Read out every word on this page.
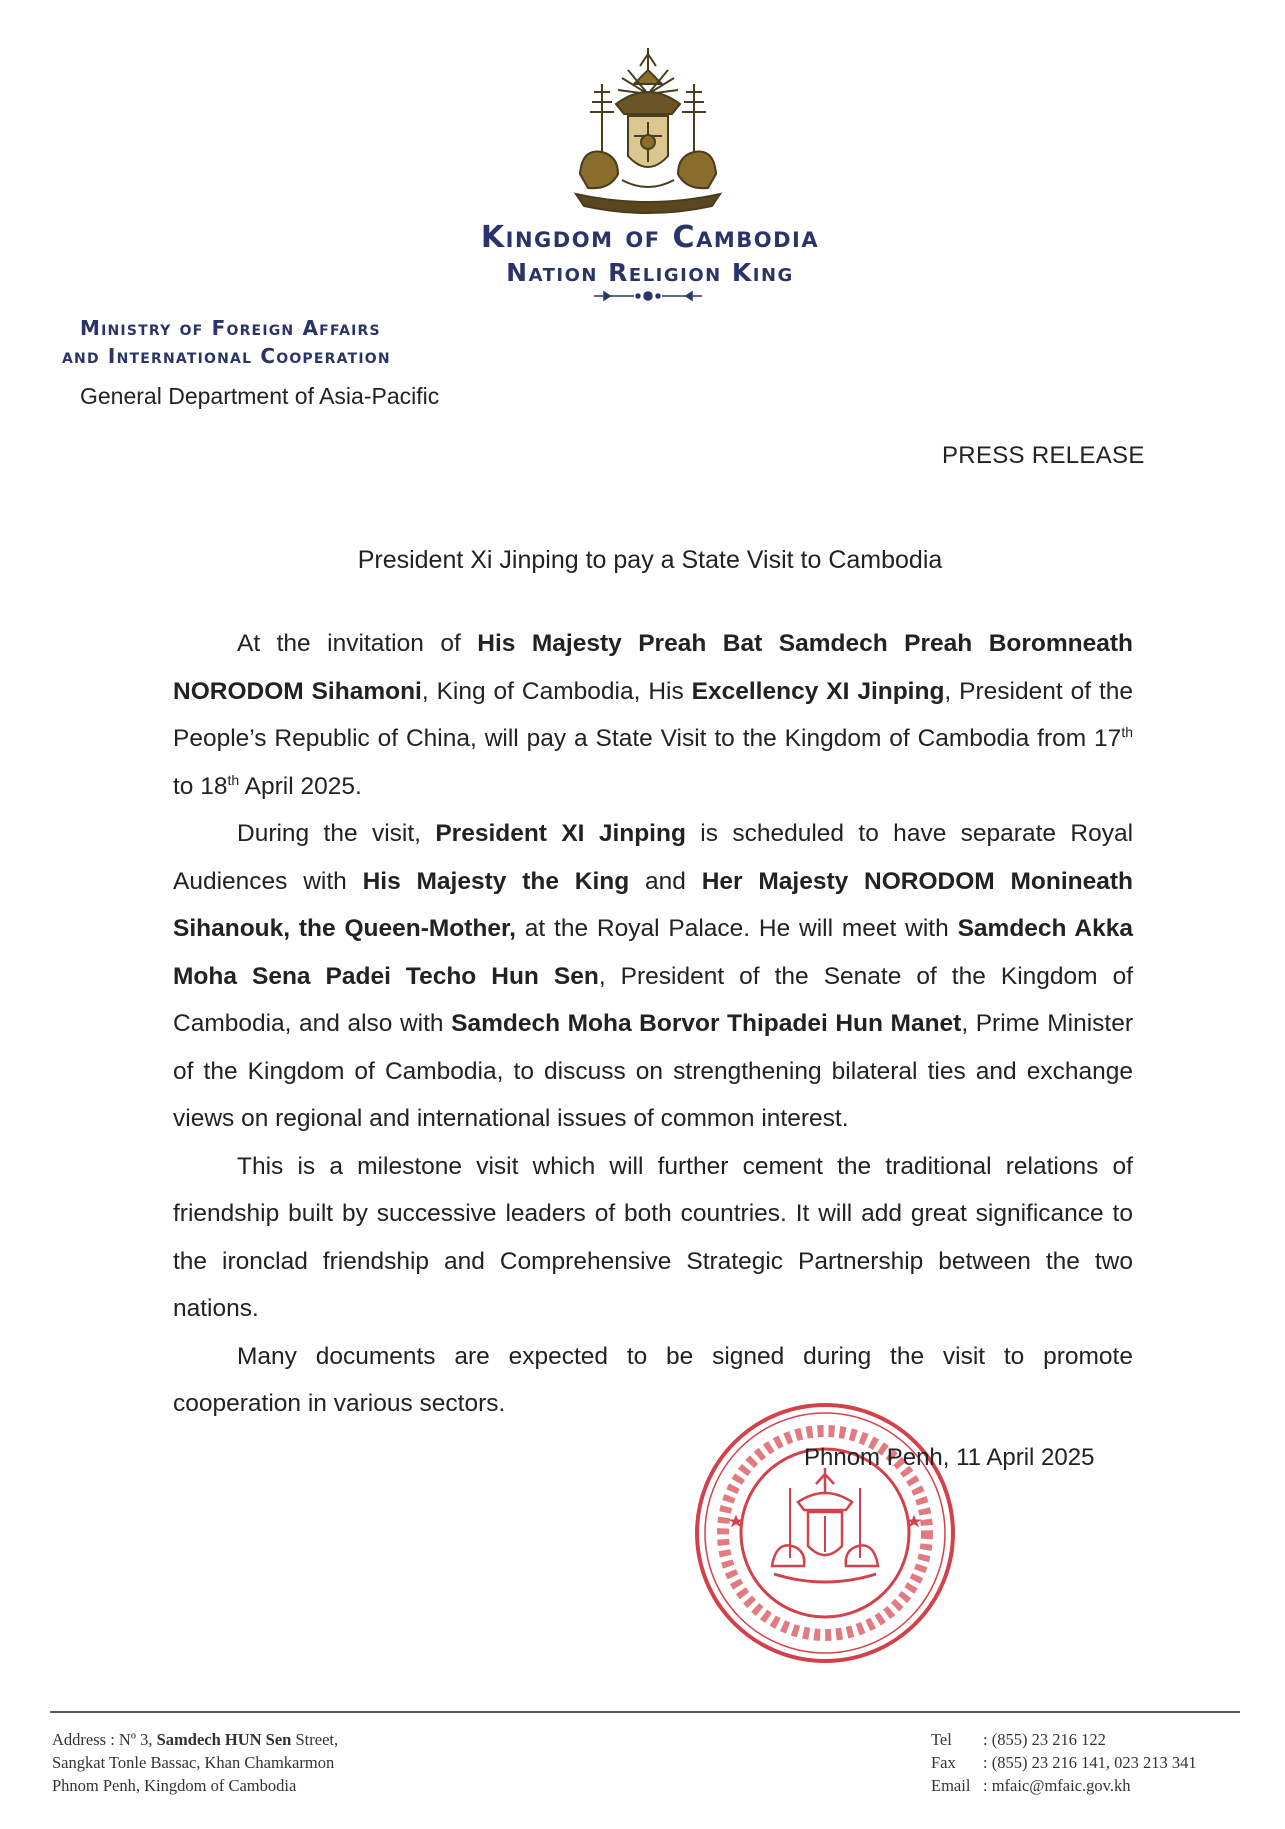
Kingdom of Cambodia
Nation Religion King
Ministry of Foreign Affairs
and International Cooperation
General Department of Asia-Pacific
PRESS RELEASE
President Xi Jinping to pay a State Visit to Cambodia

At the invitation of His Majesty Preah Bat Samdech Preah Boromneath NORODOM Sihamoni, King of Cambodia, His Excellency XI Jinping, President of the People’s Republic of China, will pay a State Visit to the Kingdom of Cambodia from 17th to 18th April 2025.

During the visit, President XI Jinping is scheduled to have separate Royal Audiences with His Majesty the King and Her Majesty NORODOM Monineath Sihanouk, the Queen-Mother, at the Royal Palace. He will meet with Samdech Akka Moha Sena Padei Techo Hun Sen, President of the Senate of the Kingdom of Cambodia, and also with Samdech Moha Borvor Thipadei Hun Manet, Prime Minister of the Kingdom of Cambodia, to discuss on strengthening bilateral ties and exchange views on regional and international issues of common interest.

This is a milestone visit which will further cement the traditional relations of friendship built by successive leaders of both countries. It will add great significance to the ironclad friendship and Comprehensive Strategic Partnership between the two nations.

Many documents are expected to be signed during the visit to promote cooperation in various sectors.

Phnom Penh, 11 April 2025
Address : Nº 3, Samdech HUN Sen Street,
Sangkat Tonle Bassac, Khan Chamkarmon
Phnom Penh, Kingdom of Cambodia
Tel	: (855) 23 216 122
Fax	: (855) 23 216 141, 023 213 341
Email : mfaic@mfaic.gov.kh
